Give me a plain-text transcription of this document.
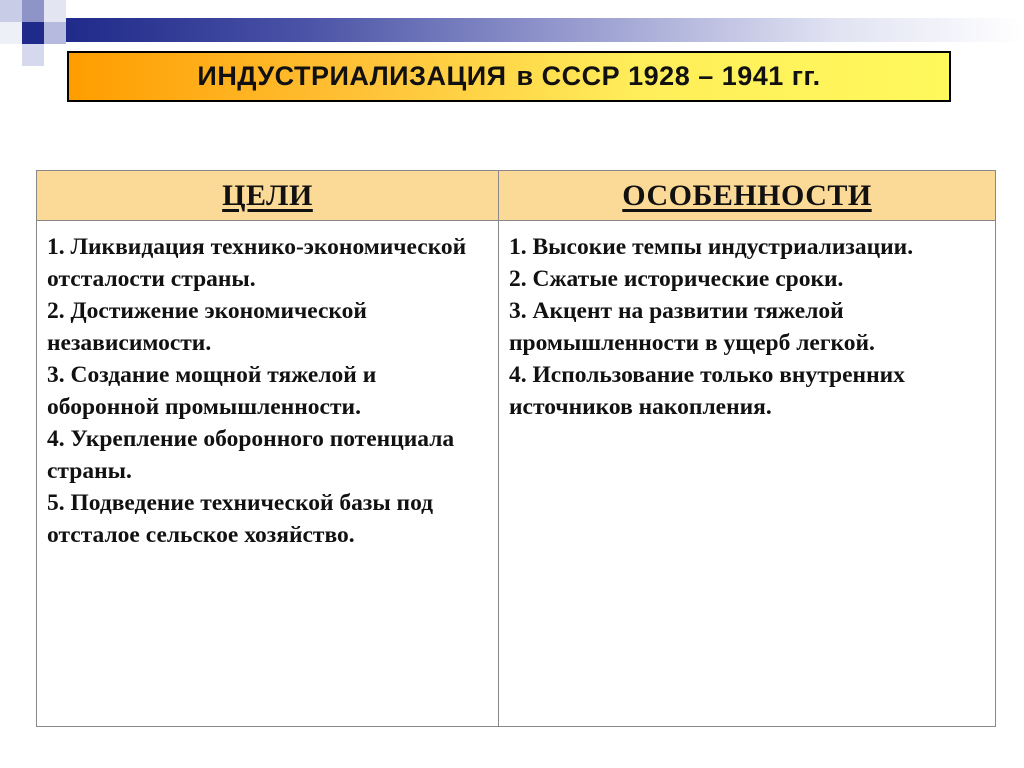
ИНДУСТРИАЛИЗАЦИЯ в СССР 1928 – 1941 гг.
ЦЕЛИ

1. Ликвидация технико-экономической отсталости страны.

2. Достижение экономической независимости.

3. Создание мощной тяжелой и оборонной промышленности.

4. Укрепление оборонного потенциала страны.

5. Подведение технической базы под отсталое сельское хозяйство.

ОСОБЕННОСТИ

1. Высокие темпы индустриализации.

2. Сжатые исторические сроки.

3. Акцент на развитии тяжелой промышленности в ущерб легкой.

4. Использование только внутренних источников накопления.
